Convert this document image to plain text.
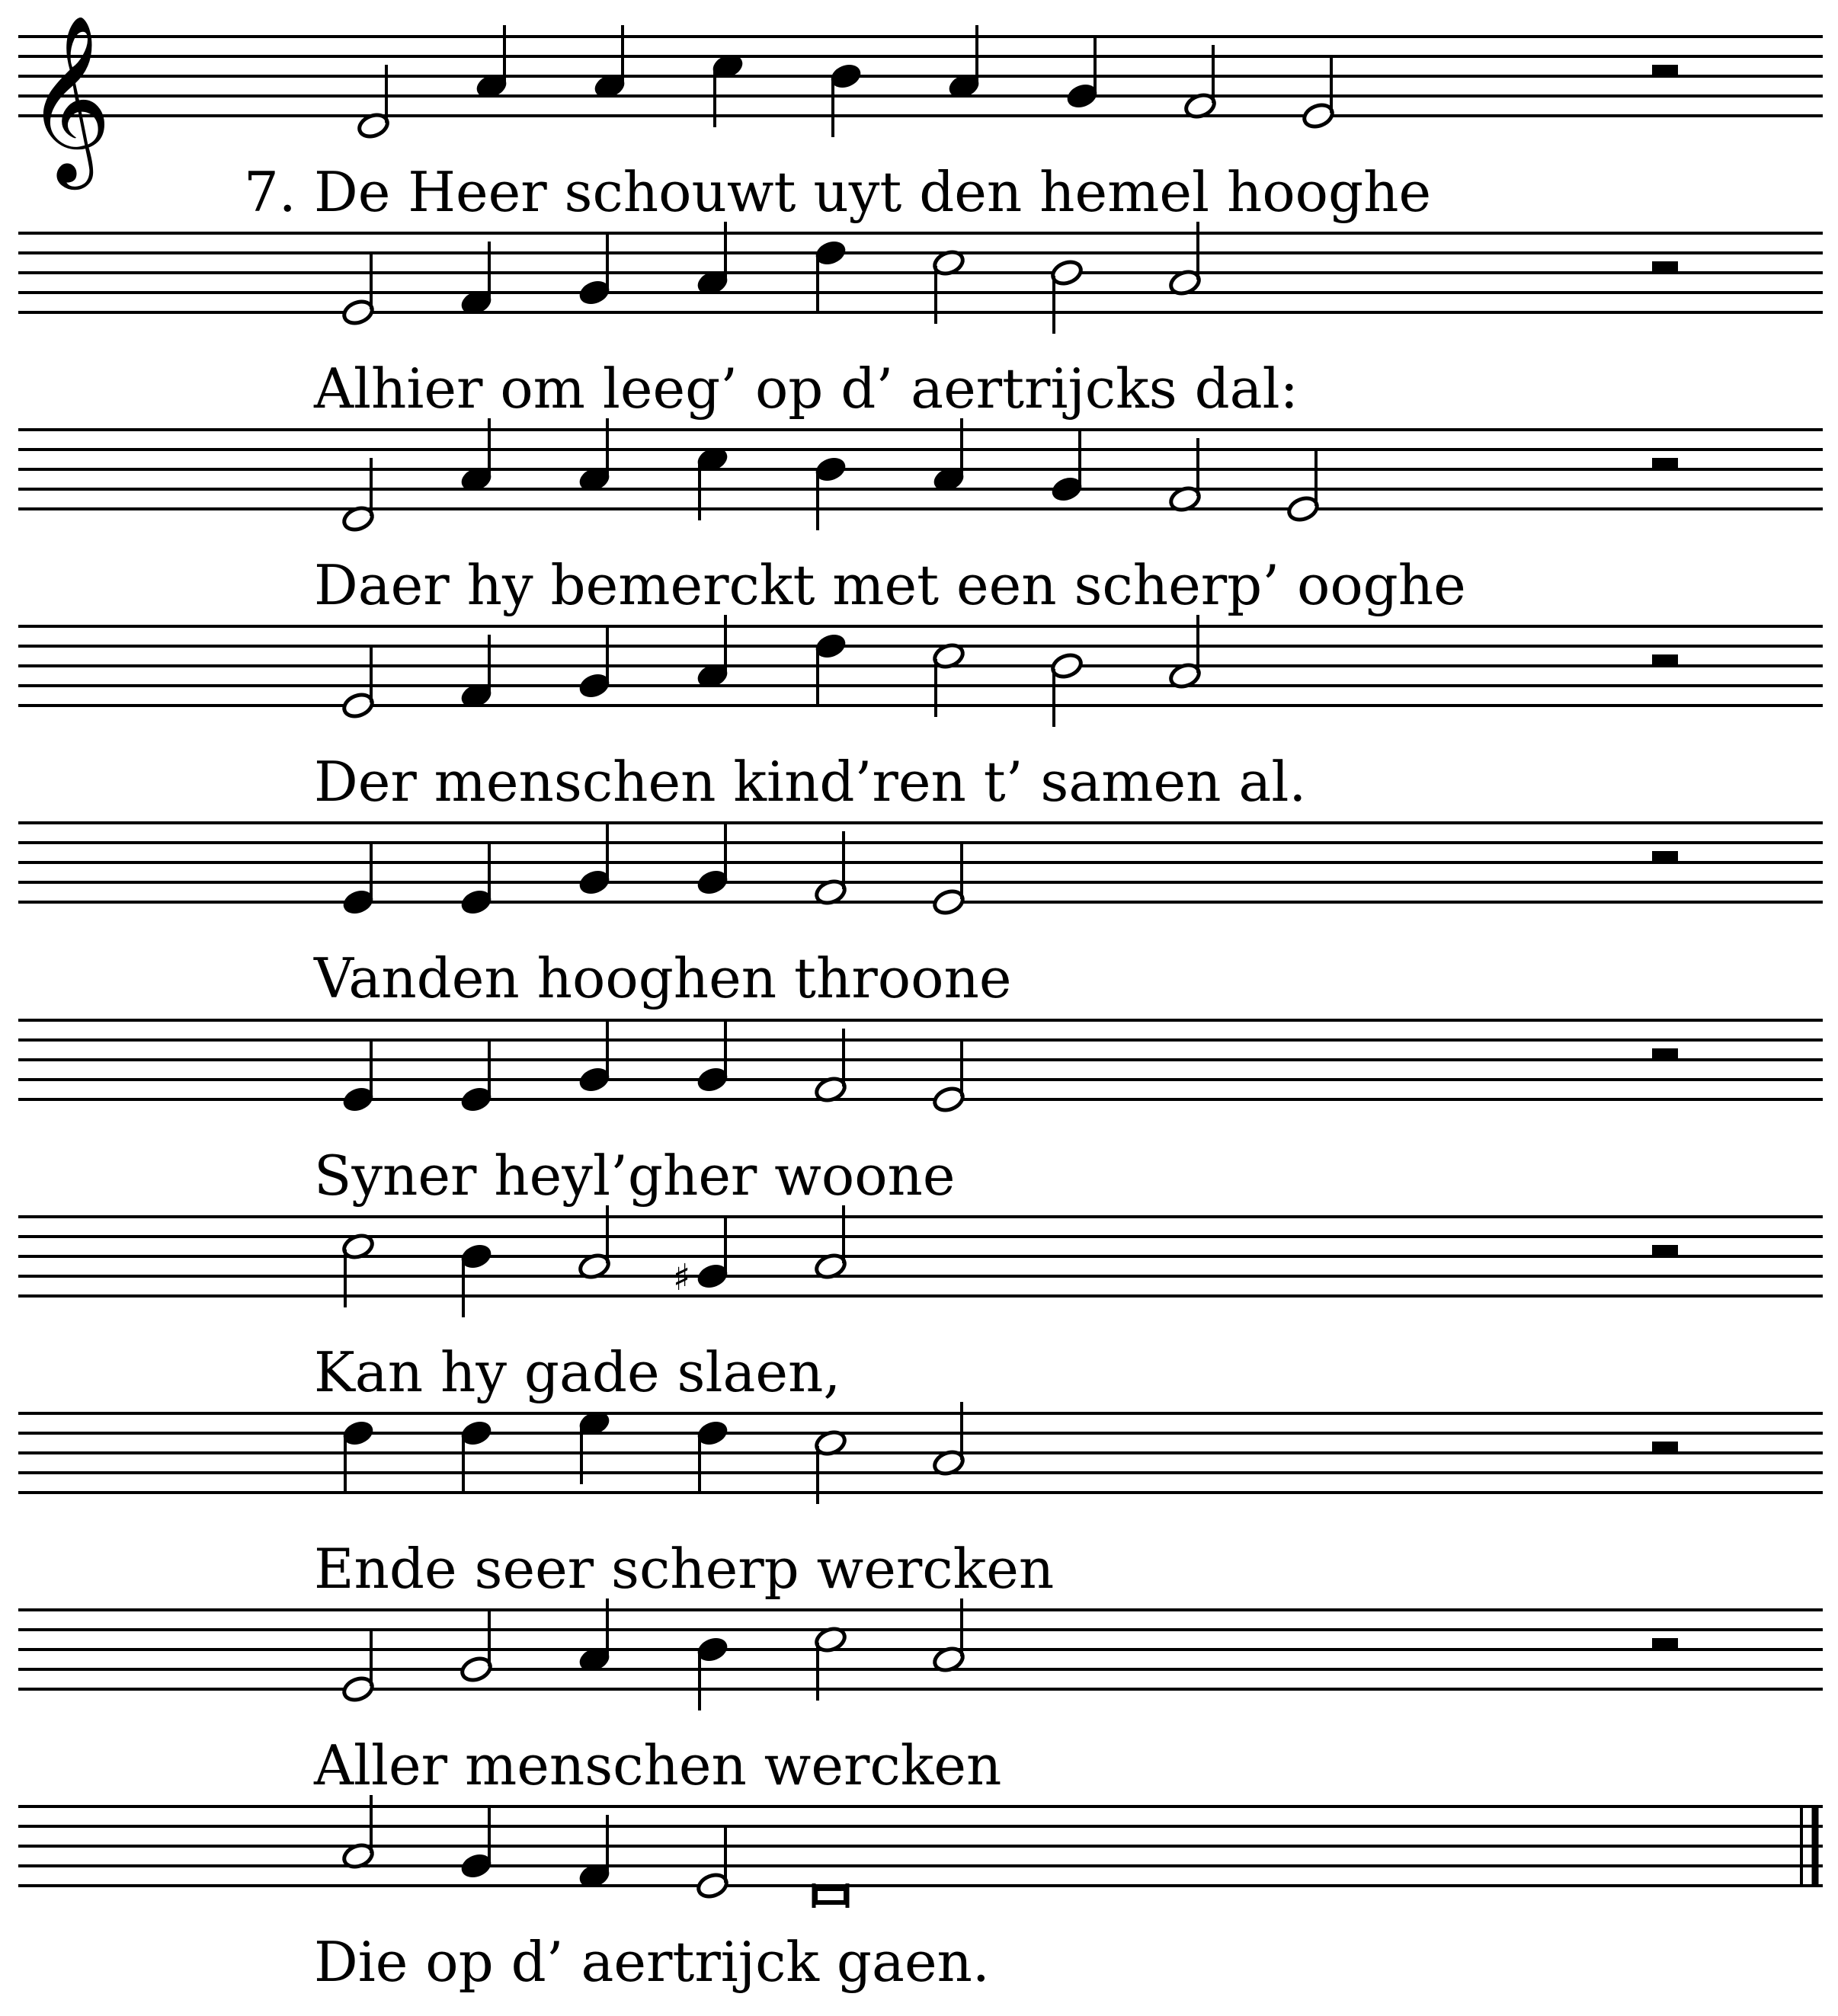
𝄞
7. De Heer schouwt uyt den hemel hooghe
Alhier om leeg’ op d’ aertrijcks dal:
Daer hy bemerckt met een scherp’ ooghe
Der menschen kind’ren t’ samen al.
Vanden hooghen throone
Syner heyl’gher woone
♯
Kan hy gade slaen,
Ende seer scherp wercken
Aller menschen wercken
Die op d’ aertrijck gaen.
